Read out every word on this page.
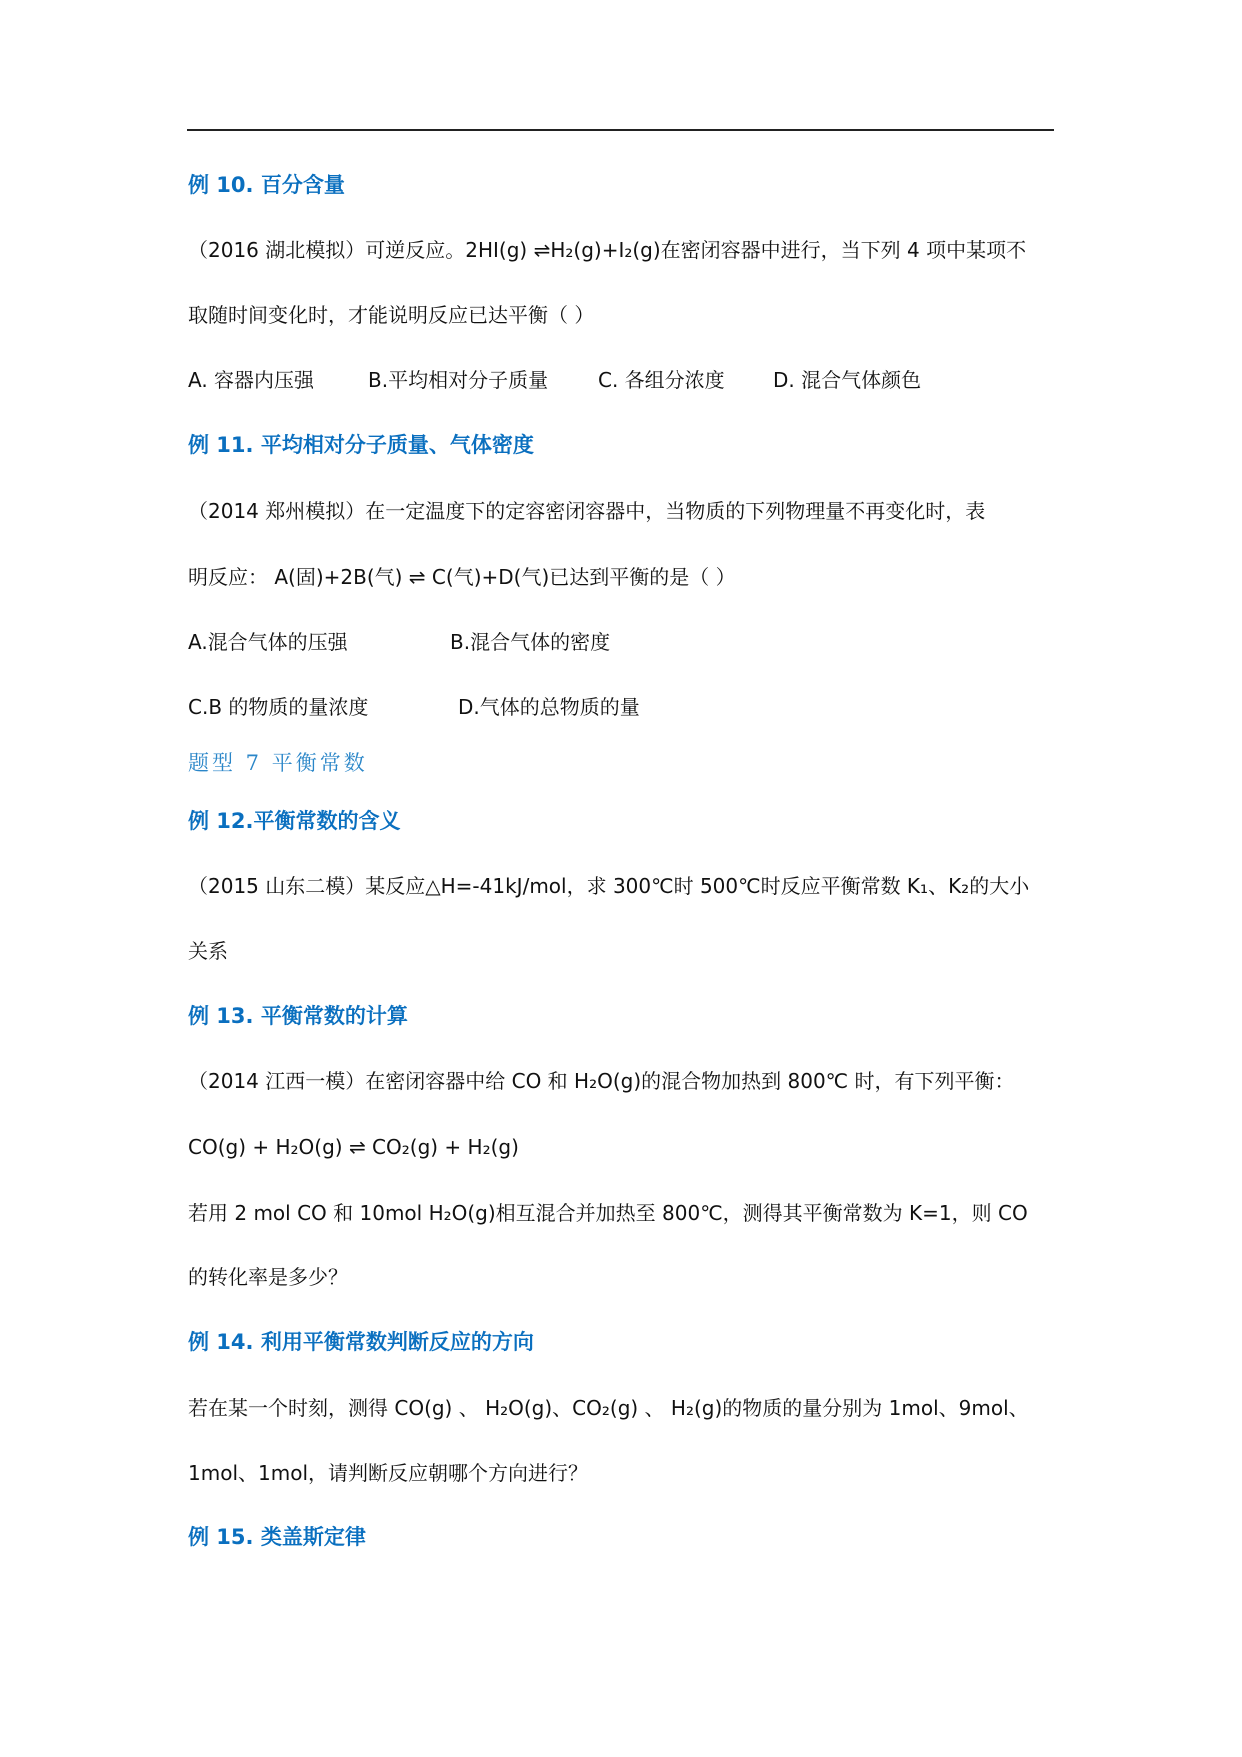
例 10. 百分含量
（2016 湖北模拟）可逆反应。2HI(g) ⇌H₂(g)+I₂(g)在密闭容器中进行，当下列 4 项中某项不
取随时间变化时，才能说明反应已达平衡（ ）
A. 容器内压强	B.平均相对分子质量 C. 各组分浓度 D. 混合气体颜色
例 11. 平均相对分子质量、气体密度
（2014 郑州模拟）在一定温度下的定容密闭容器中，当物质的下列物理量不再变化时，表
明反应： A(固)+2B(气) ⇌ C(气)+D(气)已达到平衡的是（ ）
A.混合气体的压强	B.混合气体的密度
C.B 的物质的量浓度	D.气体的总物质的量
题型 7 平衡常数
例 12.平衡常数的含义
（2015 山东二模）某反应△H=-41kJ/mol，求 300℃时 500℃时反应平衡常数 K₁、K₂的大小
关系
例 13. 平衡常数的计算
（2014 江西一模）在密闭容器中给 CO 和 H₂O(g)的混合物加热到 800℃ 时，有下列平衡：
CO(g) + H₂O(g) ⇌ CO₂(g) + H₂(g)
若用 2 mol CO 和 10mol H₂O(g)相互混合并加热至 800℃，测得其平衡常数为 K=1，则 CO
的转化率是多少？
例 14. 利用平衡常数判断反应的方向
若在某一个时刻，测得 CO(g) 、 H₂O(g)、CO₂(g) 、 H₂(g)的物质的量分别为 1mol、9mol、
1mol、1mol，请判断反应朝哪个方向进行？
例 15. 类盖斯定律
